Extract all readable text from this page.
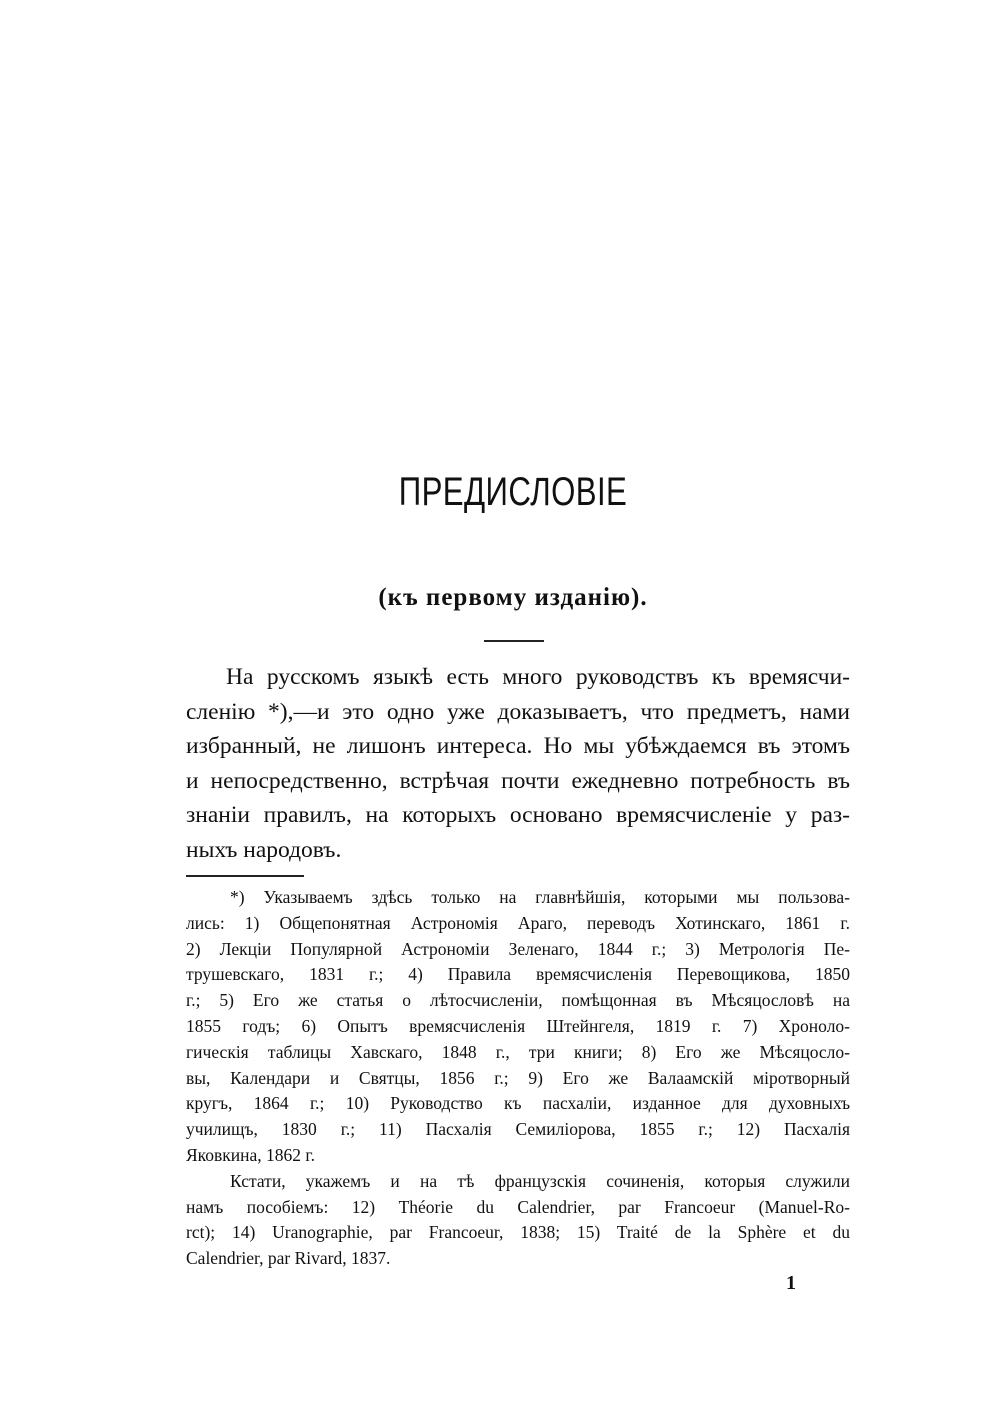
ПРЕДИСЛОВІЕ
(къ первому изданію).
На русскомъ языкѣ есть много руководствъ къ времясчи-
сленію *),—и это одно уже доказываетъ, что предметъ, нами
избранный, не лишонъ интереса. Но мы убѣждаемся въ этомъ
и непосредственно, встрѣчая почти ежедневно потребность въ
знаніи правилъ, на которыхъ основано времясчисленіе у раз-
ныхъ народовъ.
*) Указываемъ здѣсь только на главнѣйшія, которыми мы пользова-
лись: 1) Общепонятная Астрономія Араго, переводъ Хотинскаго, 1861 г.
2) Лекціи Популярной Астрономіи Зеленаго, 1844 г.; 3) Метрологія Пе-
трушевскаго, 1831 г.; 4) Правила времясчисленія Перевощикова, 1850
г.; 5) Его же статья о лѣтосчисленіи, помѣщонная въ Мѣсяцословѣ на
1855 годъ; 6) Опытъ времясчисленія Штейнгеля, 1819 г. 7) Хроноло-
гическія таблицы Хавскаго, 1848 г., три книги; 8) Его же Мѣсяцосло-
вы, Календари и Святцы, 1856 г.; 9) Его же Валаамскій міротворный
кругъ, 1864 г.; 10) Руководство къ пасхаліи, изданное для духовныхъ
училищъ, 1830 г.; 11) Пасхалія Семиліорова, 1855 г.; 12) Пасхалія
Яковкина, 1862 г.
Кстати, укажемъ и на тѣ французскія сочиненія, которыя служили
намъ пособіемъ: 12) Théorie du Calendrier, par Francoeur (Manuel-Ro-
rct); 14) Uranographie, par Francoeur, 1838; 15) Traité de la Sphère et du
Calendrier, par Rivard, 1837.
1
